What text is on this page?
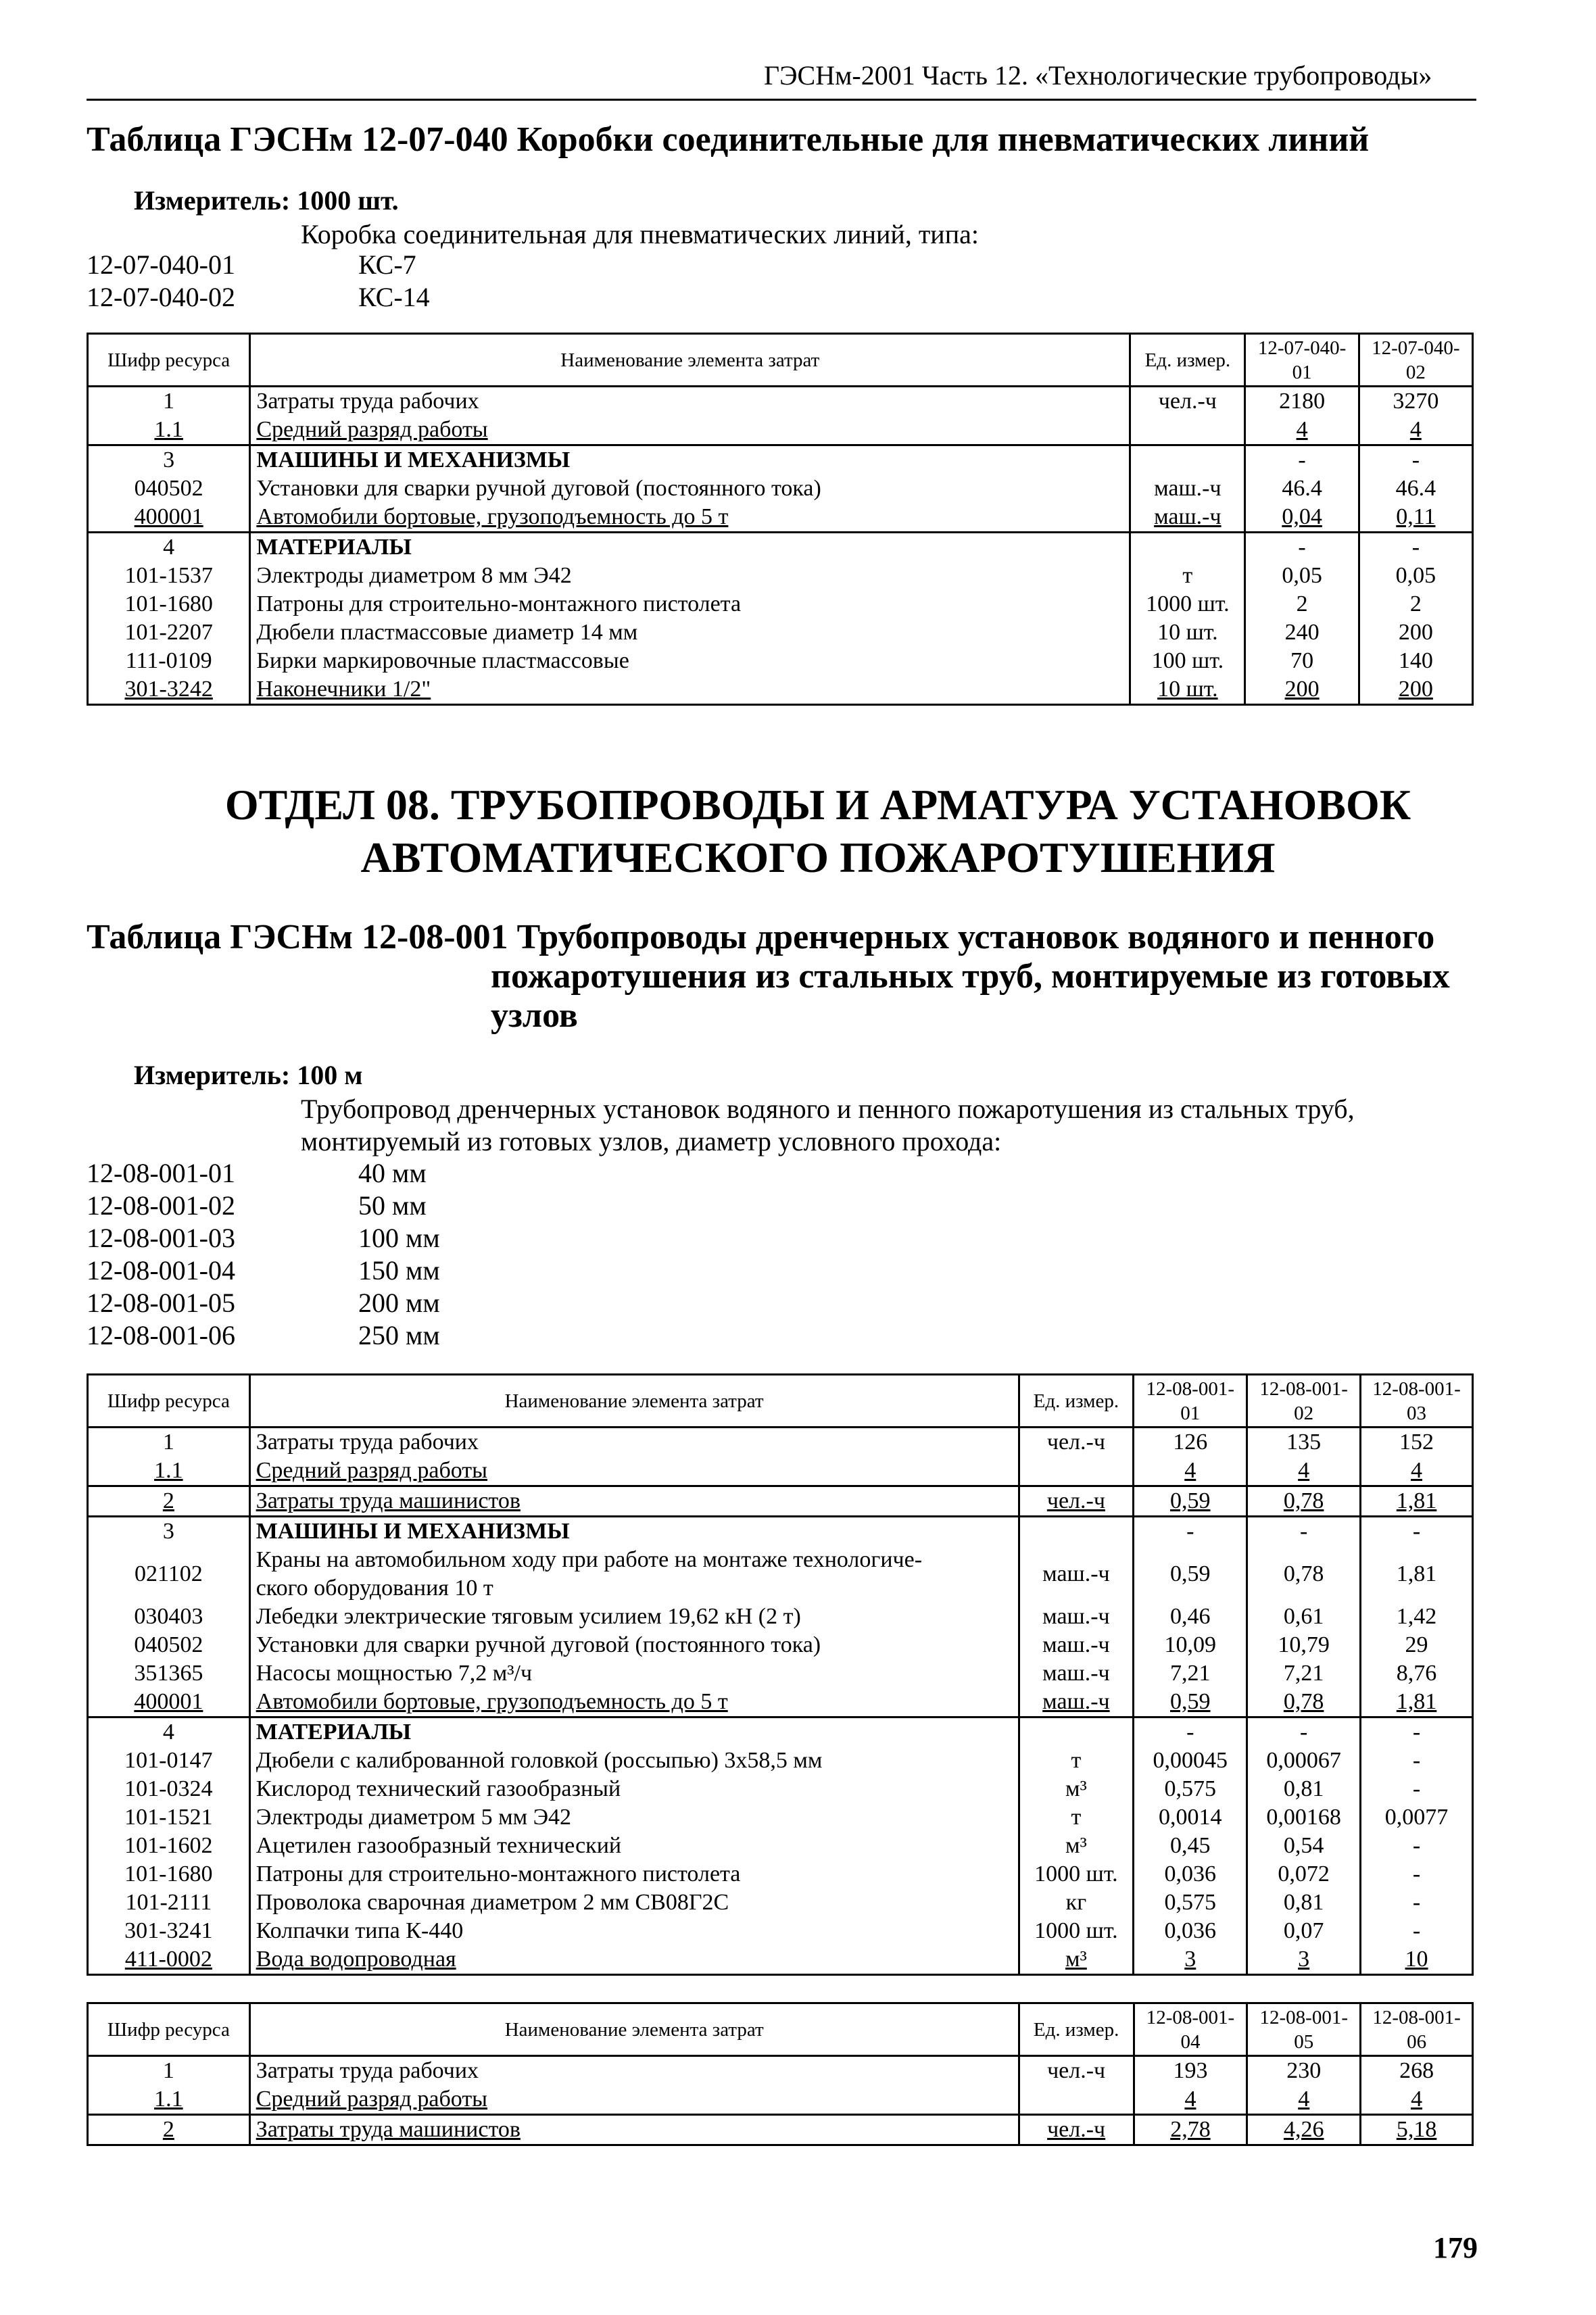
ГЭСНм-2001 Часть 12. «Технологические трубопроводы»
Таблица ГЭСНм 12-07-040 Коробки соединительные для пневматических линий
Измеритель: 1000 шт.
Коробка соединительная для пневматических линий, типа:
12-07-040-01	КС-7
12-07-040-02	КС-14
Шифр ресурса	Наименование элемента затрат	Ед. измер.	12-07-040-01	12-07-040-02
1	Затраты труда рабочих	чел.-ч	2180	3270
1.1	Средний разряд работы		4	4
3	МАШИНЫ И МЕХАНИЗМЫ		-	-
040502	Установки для сварки ручной дуговой (постоянного тока)	маш.-ч	46.4	46.4
400001	Автомобили бортовые, грузоподъемность до 5 т	маш.-ч	0,04	0,11
4	МАТЕРИАЛЫ		-	-
101-1537	Электроды диаметром 8 мм Э42	т	0,05	0,05
101-1680	Патроны для строительно-монтажного пистолета	1000 шт.	2	2
101-2207	Дюбели пластмассовые диаметр 14 мм	10 шт.	240	200
111-0109	Бирки маркировочные пластмассовые	100 шт.	70	140
301-3242	Наконечники 1/2"	10 шт.	200	200
ОТДЕЛ 08. ТРУБОПРОВОДЫ И АРМАТУРА УСТАНОВОК
АВТОМАТИЧЕСКОГО ПОЖАРОТУШЕНИЯ
Таблица ГЭСНм 12-08-001 Трубопроводы дренчерных установок водяного и пенного
пожаротушения из стальных труб, монтируемые из готовых
узлов
Измеритель: 100 м
Трубопровод дренчерных установок водяного и пенного пожаротушения из стальных труб,
монтируемый из готовых узлов, диаметр условного прохода:
12-08-001-01	40 мм
12-08-001-02	50 мм
12-08-001-03	100 мм
12-08-001-04	150 мм
12-08-001-05	200 мм
12-08-001-06	250 мм
Шифр ресурса	Наименование элемента затрат	Ед. измер.	12-08-001-01	12-08-001-02	12-08-001-03
1	Затраты труда рабочих	чел.-ч	126	135	152
1.1	Средний разряд работы		4	4	4
2	Затраты труда машинистов	чел.-ч	0,59	0,78	1,81
3	МАШИНЫ И МЕХАНИЗМЫ		-	-	-
021102	Краны на автомобильном ходу при работе на монтаже технологиче-
ского оборудования 10 т	маш.-ч	0,59	0,78	1,81
030403	Лебедки электрические тяговым усилием 19,62 кН (2 т)	маш.-ч	0,46	0,61	1,42
040502	Установки для сварки ручной дуговой (постоянного тока)	маш.-ч	10,09	10,79	29
351365	Насосы мощностью 7,2 м³/ч	маш.-ч	7,21	7,21	8,76
400001	Автомобили бортовые, грузоподъемность до 5 т	маш.-ч	0,59	0,78	1,81
4	МАТЕРИАЛЫ		-	-	-
101-0147	Дюбели с калиброванной головкой (россыпью) 3х58,5 мм	т	0,00045	0,00067	-
101-0324	Кислород технический газообразный	м³	0,575	0,81	-
101-1521	Электроды диаметром 5 мм Э42	т	0,0014	0,00168	0,0077
101-1602	Ацетилен газообразный технический	м³	0,45	0,54	-
101-1680	Патроны для строительно-монтажного пистолета	1000 шт.	0,036	0,072	-
101-2111	Проволока сварочная диаметром 2 мм СВ08Г2С	кг	0,575	0,81	-
301-3241	Колпачки типа К-440	1000 шт.	0,036	0,07	-
411-0002	Вода водопроводная	м³	3	3	10
Шифр ресурса	Наименование элемента затрат	Ед. измер.	12-08-001-04	12-08-001-05	12-08-001-06
1	Затраты труда рабочих	чел.-ч	193	230	268
1.1	Средний разряд работы		4	4	4
2	Затраты труда машинистов	чел.-ч	2,78	4,26	5,18
179
